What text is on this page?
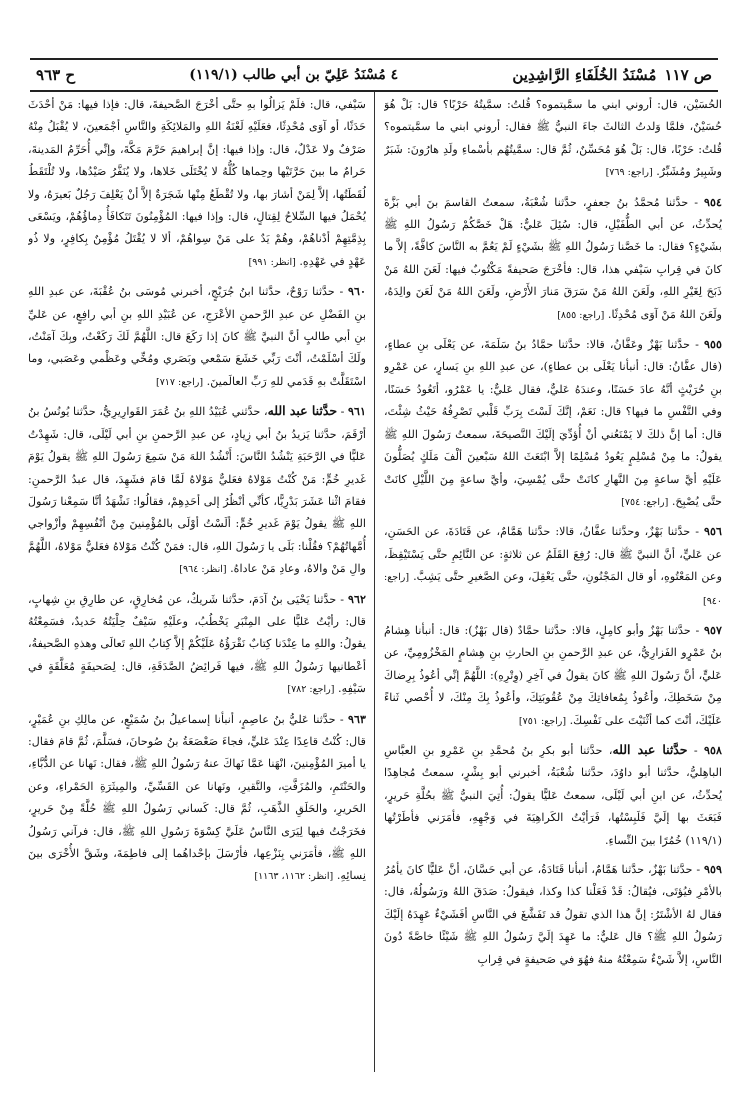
ص ١١٧
مُسْنَدُ الخُلَفَاءِ الرَّاشِدِين
٤ مُسْنَدُ عَلِيّ بن أبي طالب (١١٩/١)
ح ٩٦٣

الحُسَيْن، قال: أروني ابني ما سمَّيتموه؟ قُلتُ: سمَّيتُهُ حَرْبًا؟ قال: بَلْ هُوَ حُسَيْنٌ، فلمَّا وَلدتُ الثالثَ جاءَ النبيُّ ﷺ فقال: أروني ابني ما سمَّيتموه؟ قُلتُ: حَرْبًا، قال: بَلْ هُوَ مُحَسِّنٌ، ثُمَّ قال: سمَّيتُهُم بأسْماءِ ولَدِ هارُونَ: شَبَرٌ وشَبِيرٌ ومُشَبِّرٌ. [راجع: ٧٦٩]

٩٥٤ - حدَّثنا مُحمَّدُ بنُ جعفرٍ، حدَّثنا شُعْبَةُ، سمعتُ القاسمَ بنَ أبي بَزَّةَ يُحدِّثُ، عن أبي الطُّفَيْلِ، قال: سُئِلَ عَليٌّ: هَلْ خَصَّكُمْ رَسُولُ اللهِ ﷺ بشَيْءٍ؟ فقال: ما خَصَّنا رَسُولُ اللهِ ﷺ بشَيْءٍ لَمْ يَعُمَّ به النَّاسَ كافَّةً، إلاَّ ما كانَ في قِرابِ سَيْفي هذا، قال: فأخْرَجَ صَحيفةً مَكْتُوبٌ فيها: لَعَنَ اللهُ مَنْ ذَبَحَ لِغَيْرِ اللهِ، ولَعَنَ اللهُ مَنْ سَرَقَ مَنارَ الأَرْضِ، ولَعَنَ اللهُ مَنْ لَعَنَ والِدَهُ، ولَعَنَ اللهُ مَنْ آوَى مُحْدِثًا. [راجع: ٨٥٥]

٩٥٥ - حدَّثنا بَهْزٌ وعَفَّانُ، قالا: حدَّثنا حمَّادُ بنُ سَلَمَةَ، عن يَعْلَى بنِ عطاءٍ، (قال عفَّانُ: قال: أنبأنا يَعْلَى بن عطاءٍ)، عن عبدِ اللهِ بنِ يَسارٍ، عن عَمْرِو بنِ حُرَيْثٍ أنَّهُ عادَ حَسَنًا، وعندَهُ عَليٌّ، فقال عَليٌّ: يا عَمْرُو، أتَعُودُ حَسَنًا، وفي النَّفْسِ ما فيها؟ قال: نَعَمْ، إنَّكَ لَسْتَ بِرَبِّ قَلْبي تَصْرِفُهُ حَيْثُ شِئْتَ، قال: أما إنَّ ذلكَ لا يَمْنَعُني أنْ أُؤدِّيَ إلَيْكَ النَّصيحَةَ، سمعتُ رَسُولَ اللهِ ﷺ يقولُ: ما مِنْ مُسْلِمٍ يَعُودُ مُسْلِمًا إلاَّ ابْتَعَثَ اللهُ سَبْعينَ ألْفَ مَلَكٍ يُصَلُّونَ عَلَيْهِ أيَّ ساعةٍ مِنَ النَّهارِ كانَتْ حتَّى يُمْسِيَ، وأيَّ ساعةٍ مِنَ اللَّيْلِ كانَتْ حتَّى يُصْبِحَ. [راجع: ٧٥٤]

٩٥٦ - حدَّثنا بَهْزٌ، وحدَّثنا عفَّانُ، قالا: حدَّثنا هَمَّامٌ، عن قَتَادَةَ، عن الحَسَنِ، عن عَليٍّ، أنَّ النبيَّ ﷺ قال: رُفِعَ القَلَمُ عن ثلاثةٍ: عن النَّائِمِ حتَّى يَسْتَيْقِظَ، وعن المَعْتُوهِ، أو قال المَجْنُونِ، حتَّى يَعْقِلَ، وعن الصَّغيرِ حتَّى يَشِبَّ. [راجع: ٩٤٠]

٩٥٧ - حدَّثنا بَهْزٌ وأبو كامِلٍ، قالا: حدَّثنا حمَّادٌ (قال بَهْزٌ): قال: أنبأنا هِشامُ بنُ عَمْرٍو الفَزارِيُّ، عن عبدِ الرَّحمنِ بنِ الحارثِ بنِ هِشامٍ المَخْزُومِيِّ، عن عَليٍّ، أنَّ رَسُولَ اللهِ ﷺ كانَ يقولُ في آخِرِ (وِتْرِهِ): اللَّهُمَّ إنِّي أعُوذُ بِرِضاكَ مِنْ سَخَطِكَ، وأعُوذُ بِمُعافاتِكَ مِنْ عُقُوبَتِكَ، وأعُوذُ بِكَ مِنْكَ، لا أُحْصي ثَناءً عَلَيْكَ، أنْتَ كما أثْنَيْتَ على نَفْسِكَ. [راجع: ٧٥١]

٩٥٨ - حدَّثنا عبد الله، حدَّثنا أبو بكرِ بنُ مُحمَّدِ بنِ عَمْرِو بنِ العبَّاسِ الباهِليُّ، حدَّثنا أبو داوُدَ، حدَّثنا شُعْبَةُ، أخبرني أبو بِشْرٍ، سمعتُ مُجاهِدًا يُحدِّثُ، عن ابنِ أبي لَيْلَى، سمعتُ عَليًّا يقولُ: أُتِيَ النبيُّ ﷺ بحُلَّةِ حَريرٍ، فَبَعَثَ بها إلَيَّ فَلَبِسْتُها، فَرَأيْتُ الكَراهِيَةَ في وَجْهِهِ، فأمَرَني فأطَرْتُها (١١٩/١) خُمُرًا بينَ النِّساءِ.

٩٥٩ - حدَّثنا بَهْزٌ، حدَّثنا هَمَّامٌ، أنبأنا قَتَادَةُ، عن أبي حَسَّانَ، أنَّ عَليًّا كانَ يأمُرُ بالأمْرِ فيُؤتَى، فيُقالُ: قَدْ فَعَلْنا كذا وكذا، فيقولُ: صَدَقَ اللهُ ورَسُولُهُ، قال: فقال لهُ الأشْتَرُ: إنَّ هذا الذي تقولُ قد تَفَشَّغَ في النَّاسِ أفَشَيْءٌ عَهِدَهُ إلَيْكَ رَسُولُ اللهِ ﷺ؟ قال عَليٌّ: ما عَهِدَ إلَيَّ رَسُولُ اللهِ ﷺ شَيْئًا خاصَّةً دُونَ النَّاسِ، إلاَّ شَيْءٌ سَمِعْتُهُ منهُ فهُوَ في صَحيفةٍ في قِرابِ

سَيْفي، قال: فلَمْ يَزالُوا بهِ حتَّى أخْرَجَ الصَّحيفةَ، قال: فإذا فيها: مَنْ أحْدَثَ حَدَثًا، أو آوَى مُحْدِثًا، فعَلَيْهِ لَعْنَةُ اللهِ والمَلائِكَةِ والنَّاسِ أجْمَعينَ، لا يُقْبَلُ مِنْهُ صَرْفٌ ولا عَدْلٌ، قال: وإذا فيها: إنَّ إبراهيمَ حَرَّمَ مَكَّةَ، وإنِّي أُحَرِّمُ المَدينةَ، حَرامٌ ما بينَ حَرَّتَيْها وحِماها كُلُّهُ لا يُخْتَلَى خَلاها، ولا يُنَفَّرُ صَيْدُها، ولا تُلْتَقَطُ لُقَطَتُها، إلاَّ لِمَنْ أشارَ بها، ولا تُقْطَعُ مِنْها شَجَرَةٌ إلاَّ أنْ يَعْلِفَ رَجُلٌ بَعيرَهُ، ولا يُحْمَلُ فيها السِّلاحُ لِقِتالٍ، قال: وإذا فيها: المُؤْمِنُونَ تَتَكافَأُ دِماؤُهُمْ، ويَسْعَى بِذِمَّتِهِمْ أدْناهُمْ، وهُمْ يَدٌ على مَنْ سِواهُمْ، ألا لا يُقْتَلُ مُؤْمِنٌ بِكافِرٍ، ولا ذُو عَهْدٍ في عَهْدِهِ. [انظر: ٩٩١]

٩٦٠ - حدَّثنا رَوْحٌ، حدَّثنا ابنُ جُرَيْجٍ، أخبرني مُوسَى بنُ عُقْبَةَ، عن عبدِ اللهِ بنِ الفَضْلِ عن عبدِ الرَّحمنِ الأعْرَجِ، عن عُبَيْدِ اللهِ بنِ أبي رافِعٍ، عن عَليِّ بنِ أبي طالبٍ أنَّ النبيَّ ﷺ كانَ إذا رَكَعَ قال: اللَّهُمَّ لَكَ رَكَعْتُ، وبِكَ آمَنْتُ، ولَكَ أسْلَمْتُ، أنْتَ رَبِّي خَشَعَ سَمْعي وبَصَري ومُخِّي وعَظْمي وعَصَبي، وما اسْتَقَلَّتْ بهِ قَدَمي للهِ رَبِّ العالَمينَ. [راجع: ٧١٧]

٩٦١ - حدَّثنا عبد الله، حدَّثني عُبَيْدُ اللهِ بنُ عُمَرَ القَوارِيرِيُّ، حدَّثنا يُونُسُ بنُ أرْقَمَ، حدَّثنا يَزيدُ بنُ أبي زِيادٍ، عن عبدِ الرَّحمنِ بنِ أبي لَيْلَى، قال: شَهِدْتُ عَليًّا في الرَّحَبَةِ يَنْشُدُ النَّاسَ: أَنْشُدُ اللهَ مَنْ سَمِعَ رَسُولَ اللهِ ﷺ يقولُ يَوْمَ غَديرِ خُمٍّ: مَنْ كُنْتُ مَوْلاهُ فعَليٌّ مَوْلاهُ لَمَّا قامَ فشَهِدَ، قال عبدُ الرَّحمنِ: فقامَ اثْنا عَشَرَ بَدْرِيًّا، كأنِّي أنْظُرُ إلى أحَدِهِمْ، فقالُوا: نَشْهَدُ أنَّا سَمِعْنا رَسُولَ اللهِ ﷺ يقولُ يَوْمَ غَديرِ خُمٍّ: ألَسْتُ أوْلَى بالمُؤْمِنينَ مِنْ أنْفُسِهِمْ وأزْواجي أُمَّهاتُهُمْ؟ فقُلْنا: بَلَى يا رَسُولَ اللهِ، قال: فمَنْ كُنْتُ مَوْلاهُ فعَليٌّ مَوْلاهُ، اللَّهُمَّ والِ مَنْ والاهُ، وعادِ مَنْ عاداهُ. [انظر: ٩٦٤]

٩٦٢ - حدَّثنا يَحْيَى بنُ آدَمَ، حدَّثنا شَريكٌ، عن مُخارِقٍ، عن طارِقِ بنِ شِهابٍ، قال: رأيْتُ عَليًّا على المِنْبَرِ يَخْطُبُ، وعلَيْهِ سَيْفٌ حِلْيَتُهُ حَديدٌ، فسَمِعْتُهُ يقولُ: واللهِ ما عِنْدَنا كِتابٌ نَقْرَؤُهُ عَلَيْكُمْ إلاَّ كِتابُ اللهِ تَعالَى وهذهِ الصَّحيفةُ، أعْطانيها رَسُولُ اللهِ ﷺ، فيها فَرائِضُ الصَّدَقَةِ، قال: لِصَحيفَةٍ مُعَلَّقَةٍ في سَيْفِهِ. [راجع: ٧٨٢]

٩٦٣ - حدَّثنا عَليُّ بنُ عاصِمٍ، أنبأنا إسماعيلُ بنُ سُمَيْعٍ، عن مالِكِ بنِ عُمَيْرٍ، قال: كُنْتُ قاعِدًا عِنْدَ عَليٍّ، فجاءَ صَعْصَعَةُ بنُ صُوحانَ، فسَلَّمَ، ثُمَّ قامَ فقال: يا أميرَ المُؤْمِنينَ، انْهَنا عَمَّا نَهاكَ عنهُ رَسُولُ اللهِ ﷺ، فقال: نَهانا عن الدُّبَّاءِ، والحَنْتَمِ، والمُزَفَّتِ، والنَّقيرِ، ونَهانا عن القَسِّيِّ، والمِيثَرَةِ الحَمْراءِ، وعن الحَريرِ، والحَلَقِ الذَّهَبِ، ثُمَّ قال: كَساني رَسُولُ اللهِ ﷺ حُلَّةً مِنْ حَريرٍ، فخَرَجْتُ فيها لِيَرَى النَّاسُ عَلَيَّ كِسْوَةَ رَسُولِ اللهِ ﷺ، قال: فرآني رَسُولُ اللهِ ﷺ، فأمَرَني بِنَزْعِها، فأرْسَلَ بإحْداهُما إلى فاطِمَةَ، وشَقَّ الأُخْرَى بينَ نِسائِهِ. [انظر: ١١٦٢، ١١٦٣]
